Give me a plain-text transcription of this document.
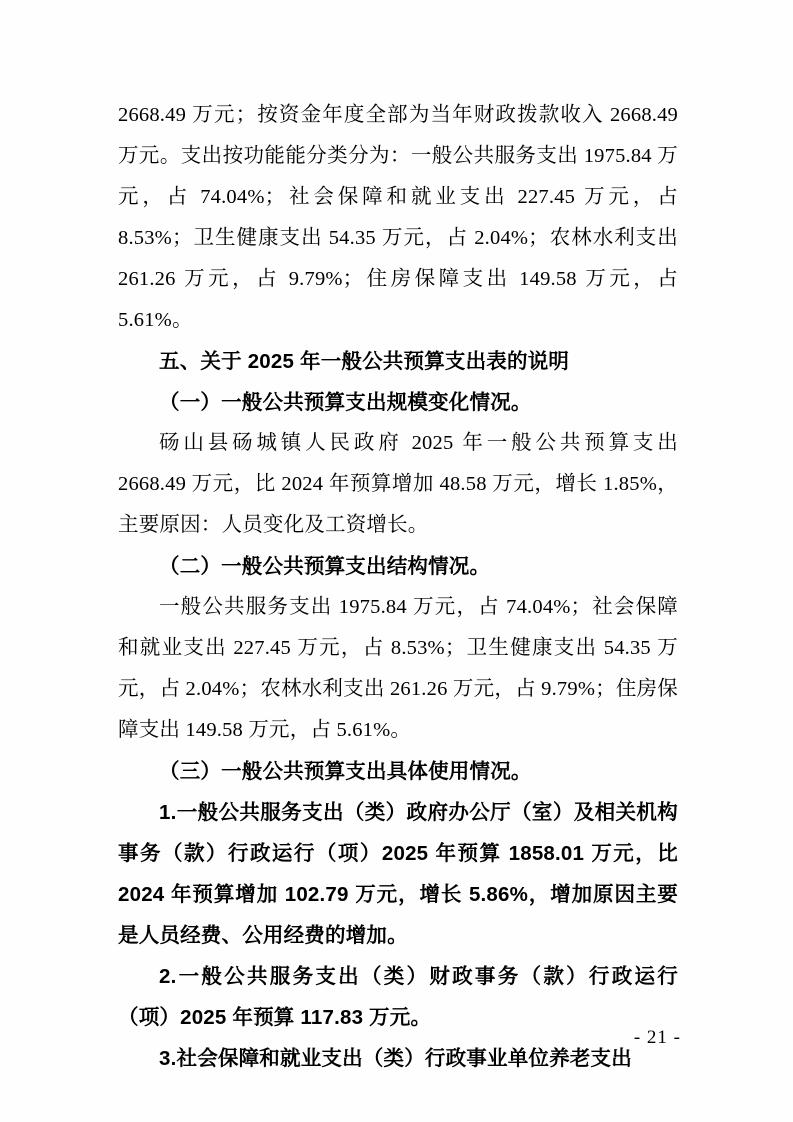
2668.49 万元；按资金年度全部为当年财政拨款收入 2668.49 万元。支出按功能能分类分为：一般公共服务支出 1975.84 万元，占 74.04%；社会保障和就业支出 227.45 万元，占 8.53%；卫生健康支出 54.35 万元，占 2.04%；农林水利支出 261.26 万元，占 9.79%；住房保障支出 149.58 万元，占 5.61%。

五、关于 2025 年一般公共预算支出表的说明

（一）一般公共预算支出规模变化情况。

砀山县砀城镇人民政府 2025 年一般公共预算支出 2668.49 万元，比 2024 年预算增加 48.58 万元，增长 1.85%，主要原因：人员变化及工资增长。

（二）一般公共预算支出结构情况。

一般公共服务支出 1975.84 万元，占 74.04%；社会保障和就业支出 227.45 万元，占 8.53%；卫生健康支出 54.35 万元，占 2.04%；农林水利支出 261.26 万元，占 9.79%；住房保障支出 149.58 万元，占 5.61%。

（三）一般公共预算支出具体使用情况。

1.一般公共服务支出（类）政府办公厅（室）及相关机构事务（款）行政运行（项）2025 年预算 1858.01 万元，比 2024 年预算增加 102.79 万元，增长 5.86%，增加原因主要是人员经费、公用经费的增加。

2.一般公共服务支出（类）财政事务（款）行政运行（项）2025 年预算 117.83 万元。

3.社会保障和就业支出（类）行政事业单位养老支出

- 21 -
